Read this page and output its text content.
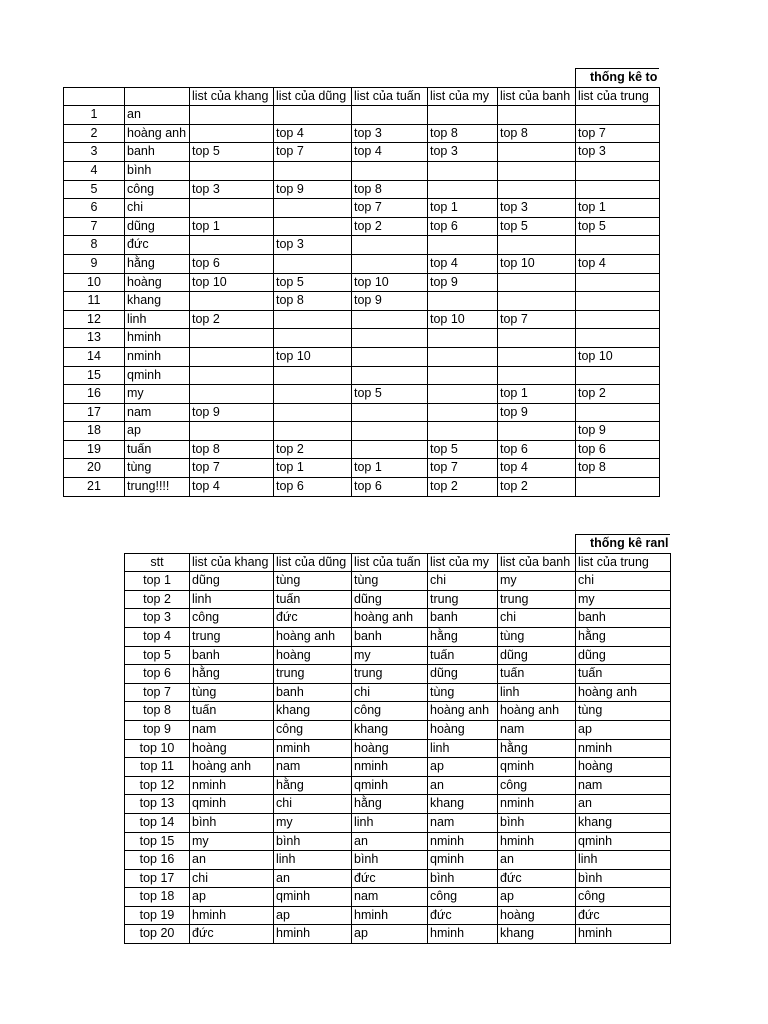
							thống kê to
		list của khang	list của dũng	list của tuấn	list của my	list của banh	list của trung
1	an						
2	hoàng anh		top 4	top 3	top 8	top 8	top 7
3	banh	top 5	top 7	top 4	top 3		top 3
4	bình						
5	công	top 3	top 9	top 8			
6	chi			top 7	top 1	top 3	top 1
7	dũng	top 1		top 2	top 6	top 5	top 5
8	đức		top 3				
9	hằng	top 6			top 4	top 10	top 4
10	hoàng	top 10	top 5	top 10	top 9		
11	khang		top 8	top 9			
12	linh	top 2			top 10	top 7	
13	hminh						
14	nminh		top 10				top 10
15	qminh						
16	my			top 5		top 1	top 2
17	nam	top 9				top 9	
18	ap						top 9
19	tuấn	top 8	top 2		top 5	top 6	top 6
20	tùng	top 7	top 1	top 1	top 7	top 4	top 8
21	trung!!!!	top 4	top 6	top 6	top 2	top 2	
						thống kê ranl
stt	list của khang	list của dũng	list của tuấn	list của my	list của banh	list của trung
top 1	dũng	tùng	tùng	chi	my	chi
top 2	linh	tuấn	dũng	trung	trung	my
top 3	công	đức	hoàng anh	banh	chi	banh
top 4	trung	hoàng anh	banh	hằng	tùng	hằng
top 5	banh	hoàng	my	tuấn	dũng	dũng
top 6	hằng	trung	trung	dũng	tuấn	tuấn
top 7	tùng	banh	chi	tùng	linh	hoàng anh
top 8	tuấn	khang	công	hoàng anh	hoàng anh	tùng
top 9	nam	công	khang	hoàng	nam	ap
top 10	hoàng	nminh	hoàng	linh	hằng	nminh
top 11	hoàng anh	nam	nminh	ap	qminh	hoàng
top 12	nminh	hằng	qminh	an	công	nam
top 13	qminh	chi	hằng	khang	nminh	an
top 14	bình	my	linh	nam	bình	khang
top 15	my	bình	an	nminh	hminh	qminh
top 16	an	linh	bình	qminh	an	linh
top 17	chi	an	đức	bình	đức	bình
top 18	ap	qminh	nam	công	ap	công
top 19	hminh	ap	hminh	đức	hoàng	đức
top 20	đức	hminh	ap	hminh	khang	hminh
